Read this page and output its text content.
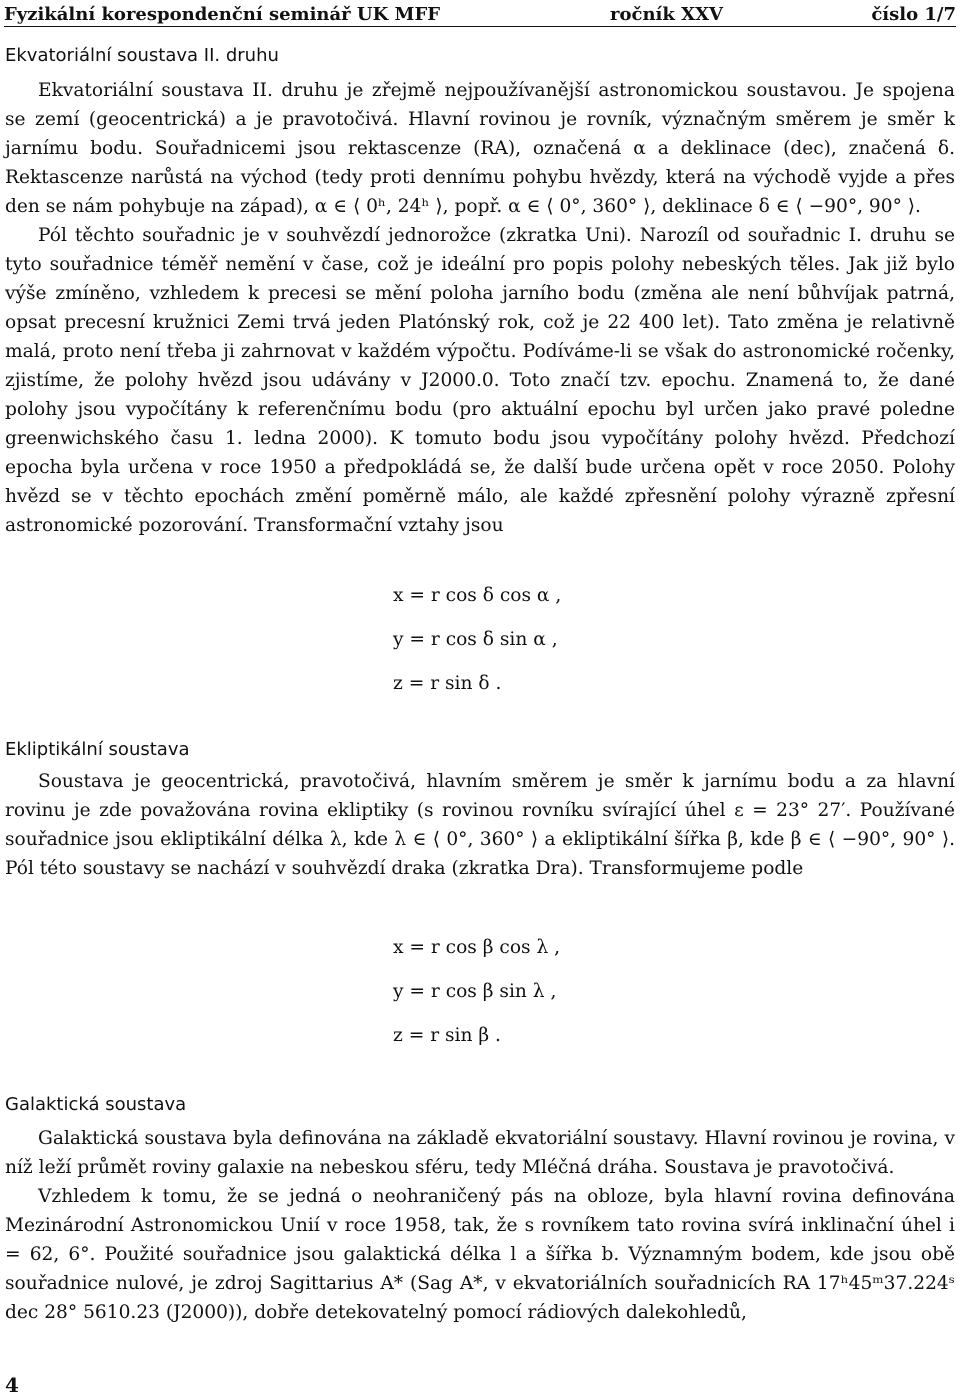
Fyzikální korespondenční seminář UK MFF	ročník XXV	číslo 1/7
Ekvatoriální soustava II. druhu

Ekvatoriální soustava II. druhu je zřejmě nejpoužívanější astronomickou soustavou. Je spojena se zemí (geocentrická) a je pravotočivá. Hlavní rovinou je rovník, význačným směrem je směr k jarnímu bodu. Souřadnicemi jsou rektascenze (RA), označená α a deklinace (dec), značená δ. Rektascenze narůstá na východ (tedy proti dennímu pohybu hvězdy, která na východě vyjde a přes den se nám pohybuje na západ), α ∈ ⟨ 0ʰ, 24ʰ ⟩, popř. α ∈ ⟨ 0°, 360° ⟩, deklinace δ ∈ ⟨ −90°, 90° ⟩.

Pól těchto souřadnic je v souhvězdí jednorožce (zkratka Uni). Narozíl od souřadnic I. druhu se tyto souřadnice téměř nemění v čase, což je ideální pro popis polohy nebeských těles. Jak již bylo výše zmíněno, vzhledem k precesi se mění poloha jarního bodu (změna ale není bůhvíjak patrná, opsat precesní kružnici Zemi trvá jeden Platónský rok, což je 22 400 let). Tato změna je relativně malá, proto není třeba ji zahrnovat v každém výpočtu. Podíváme-li se však do astronomické ročenky, zjistíme, že polohy hvězd jsou udávány v J2000.0. Toto značí tzv. epochu. Znamená to, že dané polohy jsou vypočítány k referenčnímu bodu (pro aktuální epochu byl určen jako pravé poledne greenwichského času 1. ledna 2000). K tomuto bodu jsou vypočítány polohy hvězd. Předchozí epocha byla určena v roce 1950 a předpokládá se, že další bude určena opět v roce 2050. Polohy hvězd se v těchto epochách změní poměrně málo, ale každé zpřesnění polohy výrazně zpřesní astronomické pozorování. Transformační vztahy jsou

x = r cos δ cos α ,
y = r cos δ sin α ,
z = r sin δ .
Ekliptikální soustava

Soustava je geocentrická, pravotočivá, hlavním směrem je směr k jarnímu bodu a za hlavní rovinu je zde považována rovina ekliptiky (s rovinou rovníku svírající úhel ε = 23° 27′. Používané souřadnice jsou ekliptikální délka λ, kde λ ∈ ⟨ 0°, 360° ⟩ a ekliptikální šířka β, kde β ∈ ⟨ −90°, 90° ⟩. Pól této soustavy se nachází v souhvězdí draka (zkratka Dra). Transformujeme podle

x = r cos β cos λ ,
y = r cos β sin λ ,
z = r sin β .
Galaktická soustava

Galaktická soustava byla definována na základě ekvatoriální soustavy. Hlavní rovinou je rovina, v níž leží průmět roviny galaxie na nebeskou sféru, tedy Mléčná dráha. Soustava je pravotočivá.

Vzhledem k tomu, že se jedná o neohraničený pás na obloze, byla hlavní rovina definována Mezinárodní Astronomickou Unií v roce 1958, tak, že s rovníkem tato rovina svírá inklinační úhel i = 62, 6°. Použité souřadnice jsou galaktická délka l a šířka b. Významným bodem, kde jsou obě souřadnice nulové, je zdroj Sagittarius A* (Sag A*, v ekvatoriálních souřadnicích RA 17ʰ45ᵐ37.224ˢ dec 28° 5610.23 (J2000)), dobře detekovatelný pomocí rádiových dalekohledů,

4
